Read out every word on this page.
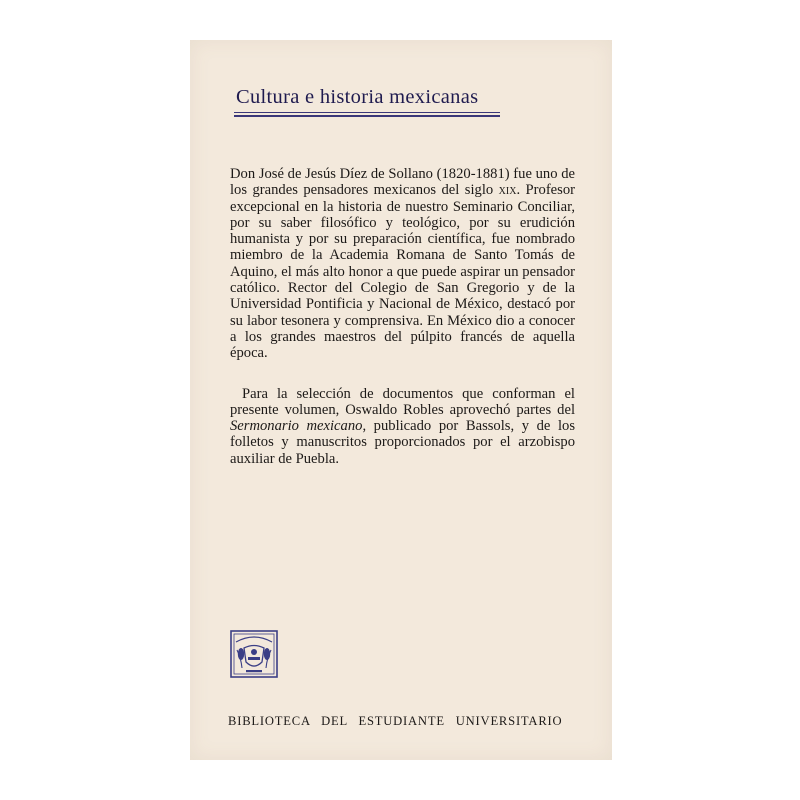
Cultura e historia mexicanas

Don José de Jesús Díez de Sollano (1820-1881) fue uno de los grandes pensadores mexicanos del siglo xix. Profesor excepcional en la historia de nuestro Seminario Conciliar, por su saber filosófico y teológico, por su erudición humanista y por su preparación científica, fue nombrado miembro de la Academia Romana de Santo Tomás de Aquino, el más alto honor a que puede aspirar un pensador católico. Rector del Colegio de San Gregorio y de la Universidad Pontificia y Nacional de México, destacó por su labor tesonera y comprensiva. En México dio a conocer a los grandes maestros del púlpito francés de aquella época.

Para la selección de documentos que conforman el presente volumen, Oswaldo Robles aprovechó partes del Sermonario mexicano, publicado por Bassols, y de los folletos y manuscritos proporcionados por el arzobispo auxiliar de Puebla.

BIBLIOTECA DEL ESTUDIANTE UNIVERSITARIO
